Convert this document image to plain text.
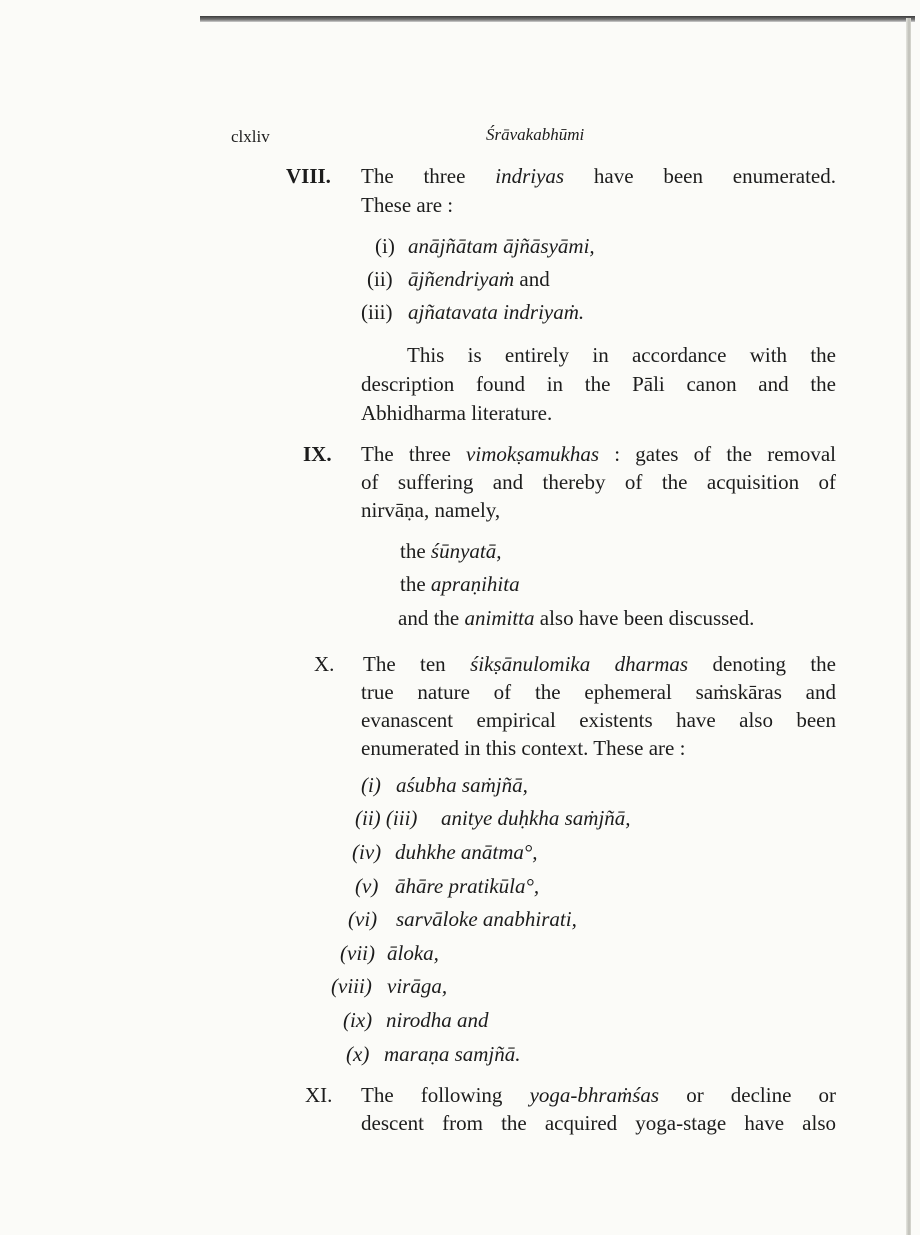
clxliv	Śrāvakabhūmi
VIII. The three indriyas have been enumerated.
These are :
(i) anājñātam ājñāsyāmi,
(ii) ājñendriyaṁ and
(iii) ajñatavata indriyaṁ.
This is entirely in accordance with the
description found in the Pāli canon and the
Abhidharma literature.
IX. The three vimokṣamukhas : gates of the removal
of suffering and thereby of the acquisition of
nirvāṇa, namely,
the śūnyatā,
the apraṇihita
and the animitta also have been discussed.
X. The ten śikṣānulomika dharmas denoting the
true nature of the ephemeral saṁskāras and
evanascent empirical existents have also been
enumerated in this context. These are :
(i) aśubha saṁjñā,
(ii) (iii) anitye duḥkha saṁjñā,
(iv) duhkhe anātma°,
(v) āhāre pratikūla°,
(vi) sarvāloke anabhirati,
(vii) āloka,
(viii) virāga,
(ix) nirodha and
(x) maraṇa samjñā.
XI. The following yoga-bhraṁśas or decline or
descent from the acquired yoga-stage have also
